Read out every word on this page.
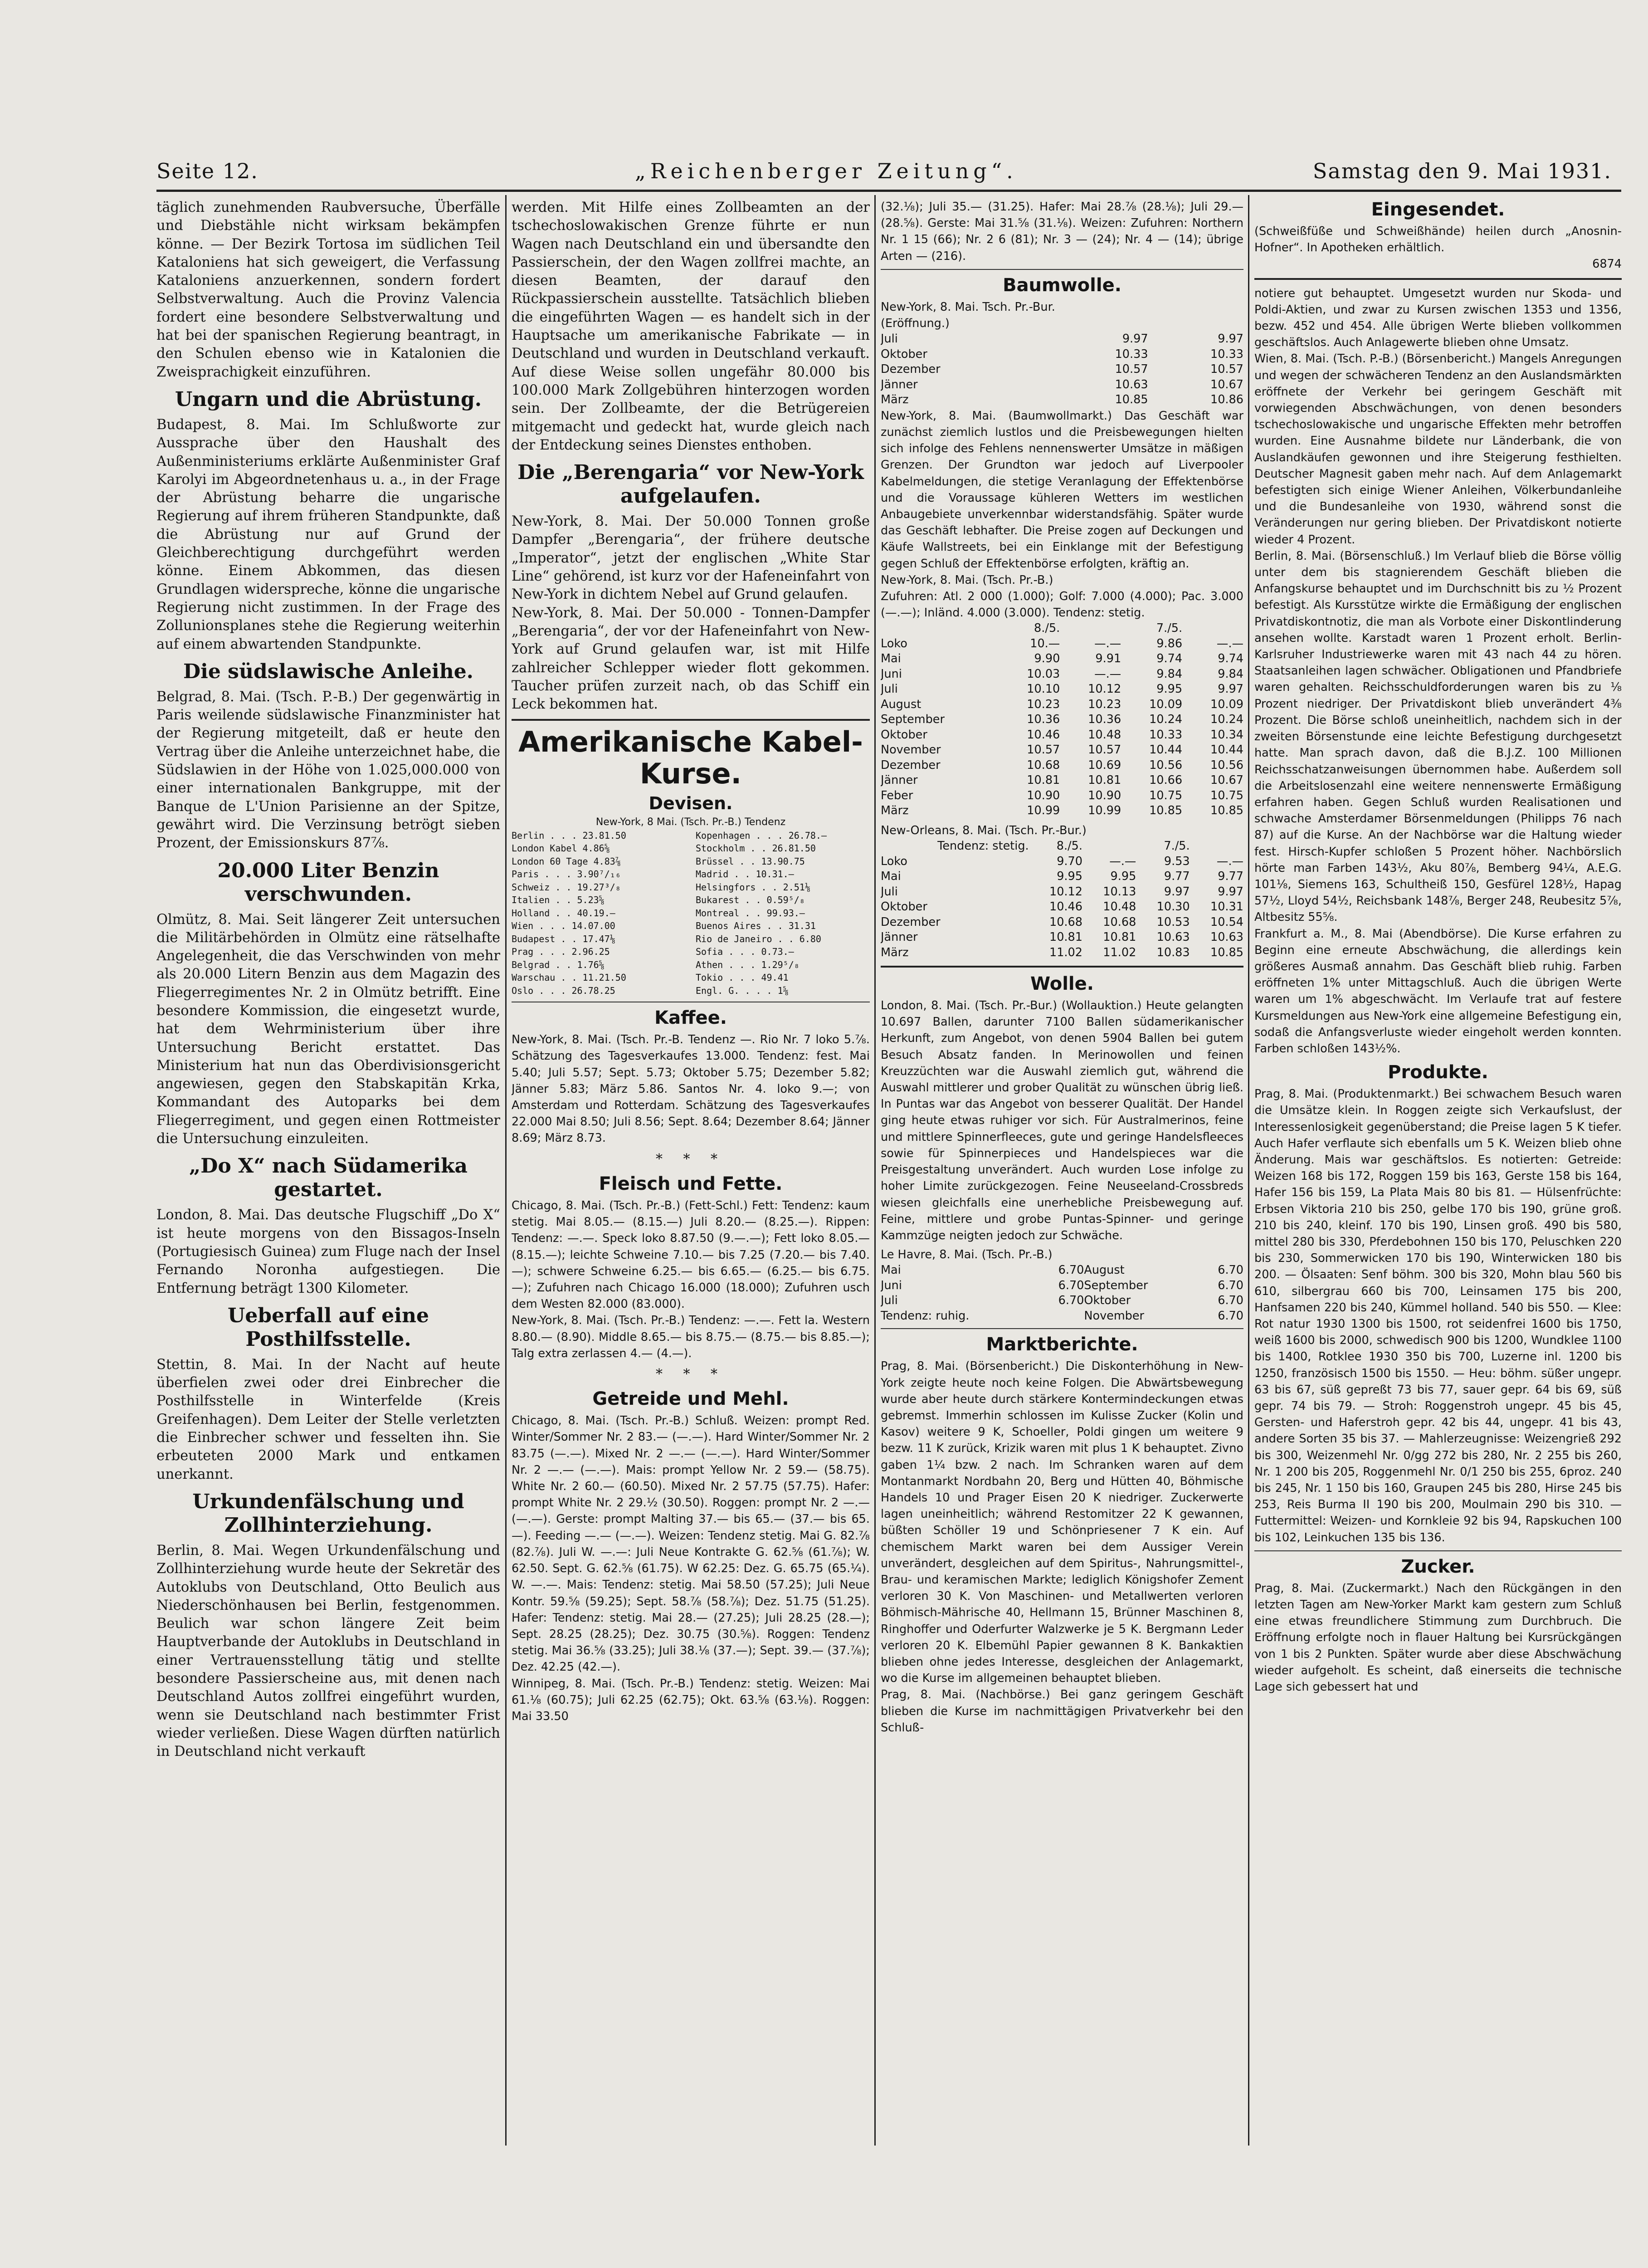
Seite 12.	„Reichenberger Zeitung“.	Samstag den 9. Mai 1931.

täglich zunehmenden Raubversuche, Überfälle und Diebstähle nicht wirksam bekämpfen könne. — Der Bezirk Tortosa im südlichen Teil Kataloniens hat sich geweigert, die Verfassung Kataloniens anzuerkennen, sondern fordert Selbstverwaltung. Auch die Provinz Valencia fordert eine besondere Selbstverwaltung und hat bei der spanischen Regierung beantragt, in den Schulen ebenso wie in Katalonien die Zweisprachigkeit einzuführen.

Ungarn und die Abrüstung.

Budapest, 8. Mai. Im Schlußworte zur Aussprache über den Haushalt des Außenministeriums erklärte Außenminister Graf Karolyi im Abgeordnetenhaus u. a., in der Frage der Abrüstung beharre die ungarische Regierung auf ihrem früheren Standpunkte, daß die Abrüstung nur auf Grund der Gleichberechtigung durchgeführt werden könne. Einem Abkommen, das diesen Grundlagen widerspreche, könne die ungarische Regierung nicht zustimmen. In der Frage des Zollunionsplanes stehe die Regierung weiterhin auf einem abwartenden Standpunkte.

Die südslawische Anleihe.

Belgrad, 8. Mai. (Tsch. P.-B.) Der gegenwärtig in Paris weilende südslawische Finanzminister hat der Regierung mitgeteilt, daß er heute den Vertrag über die Anleihe unterzeichnet habe, die Südslawien in der Höhe von 1.025,000.000 von einer internationalen Bankgruppe, mit der Banque de L'Union Parisienne an der Spitze, gewährt wird. Die Verzinsung betrögt sieben Prozent, der Emissionskurs 87⅞.

20.000 Liter Benzin verschwunden.

Olmütz, 8. Mai. Seit längerer Zeit untersuchen die Militärbehörden in Olmütz eine rätselhafte Angelegenheit, die das Verschwinden von mehr als 20.000 Litern Benzin aus dem Magazin des Fliegerregimentes Nr. 2 in Olmütz betrifft. Eine besondere Kommission, die eingesetzt wurde, hat dem Wehrministerium über ihre Untersuchung Bericht erstattet. Das Ministerium hat nun das Oberdivisionsgericht angewiesen, gegen den Stabskapitän Krka, Kommandant des Autoparks bei dem Fliegerregiment, und gegen einen Rottmeister die Untersuchung einzuleiten.

„Do X“ nach Südamerika gestartet.

London, 8. Mai. Das deutsche Flugschiff „Do X“ ist heute morgens von den Bissagos-Inseln (Portugiesisch Guinea) zum Fluge nach der Insel Fernando Noronha aufgestiegen. Die Entfernung beträgt 1300 Kilometer.

Ueberfall auf eine Posthilfsstelle.

Stettin, 8. Mai. In der Nacht auf heute überfielen zwei oder drei Einbrecher die Posthilfsstelle in Winterfelde (Kreis Greifenhagen). Dem Leiter der Stelle verletzten die Einbrecher schwer und fesselten ihn. Sie erbeuteten 2000 Mark und entkamen unerkannt.

Urkundenfälschung und Zollhinterziehung.

Berlin, 8. Mai. Wegen Urkundenfälschung und Zollhinterziehung wurde heute der Sekretär des Autoklubs von Deutschland, Otto Beulich aus Niederschönhausen bei Berlin, festgenommen. Beulich war schon längere Zeit beim Hauptverbande der Autoklubs in Deutschland in einer Vertrauensstellung tätig und stellte besondere Passierscheine aus, mit denen nach Deutschland Autos zollfrei eingeführt wurden, wenn sie Deutschland nach bestimmter Frist wieder verließen. Diese Wagen dürften natürlich in Deutschland nicht verkauft

werden. Mit Hilfe eines Zollbeamten an der tschechoslowakischen Grenze führte er nun Wagen nach Deutschland ein und übersandte den Passierschein, der den Wagen zollfrei machte, an diesen Beamten, der darauf den Rückpassierschein ausstellte. Tatsächlich blieben die eingeführten Wagen — es handelt sich in der Hauptsache um amerikanische Fabrikate — in Deutschland und wurden in Deutschland verkauft. Auf diese Weise sollen ungefähr 80.000 bis 100.000 Mark Zollgebühren hinterzogen worden sein. Der Zollbeamte, der die Betrügereien mitgemacht und gedeckt hat, wurde gleich nach der Entdeckung seines Dienstes enthoben.

Die „Berengaria“ vor New-York aufgelaufen.

New-York, 8. Mai. Der 50.000 Tonnen große Dampfer „Berengaria“, der frühere deutsche „Imperator“, jetzt der englischen „White Star Line“ gehörend, ist kurz vor der Hafeneinfahrt von New-York in dichtem Nebel auf Grund gelaufen.

New-York, 8. Mai. Der 50.000 - Tonnen-Dampfer „Berengaria“, der vor der Hafeneinfahrt von New-York auf Grund gelaufen war, ist mit Hilfe zahlreicher Schlepper wieder flott gekommen. Taucher prüfen zurzeit nach, ob das Schiff ein Leck bekommen hat.

Amerikanische Kabel-Kurse.
Devisen.
New-York, 8 Mai. (Tsch. Pr.-B.) Tendenz
Berlin . . . 23.81.50	Kopenhagen . . . 26.78.—
London Kabel 4.86⅝	Stockholm . . 26.81.50
London 60 Tage 4.83⅞	Brüssel . . 13.90.75
Paris . . . 3.90⁷/₁₆	Madrid . . 10.31.—
Schweiz . . 19.27³/₈	Helsingfors . . 2.51⅛
Italien . . 5.23⅝	Bukarest . . 0.59⁵/₈
Holland . . 40.19.—	Montreal . . 99.93.—
Wien . . . 14.07.00	Buenos Aires . . 31.31
Budapest . . 17.47⅛	Rio de Janeiro . . 6.80
Prag . . . 2.96.25	Sofia . . . 0.73.—
Belgrad . . 1.76⅝	Athen . . . 1.29⁵/₈
Warschau . . 11.21.50	Tokio . . . 49.41
Oslo . . . 26.78.25	Engl. G. . . . 1⅝
Kaffee.

New-York, 8. Mai. (Tsch. Pr.-B. Tendenz —. Rio Nr. 7 loko 5.⅞. Schätzung des Tagesverkaufes 13.000. Tendenz: fest. Mai 5.40; Juli 5.57; Sept. 5.73; Oktober 5.75; Dezember 5.82; Jänner 5.83; März 5.86. Santos Nr. 4. loko 9.—; von Amsterdam und Rotterdam. Schätzung des Tagesverkaufes 22.000 Mai 8.50; Juli 8.56; Sept. 8.64; Dezember 8.64; Jänner 8.69; März 8.73.

* * *
Fleisch und Fette.

Chicago, 8. Mai. (Tsch. Pr.-B.) (Fett-Schl.) Fett: Tendenz: kaum stetig. Mai 8.05.— (8.15.—) Juli 8.20.— (8.25.—). Rippen: Tendenz: —.—. Speck loko 8.87.50 (9.—.—); Fett loko 8.05.— (8.15.—); leichte Schweine 7.10.— bis 7.25 (7.20.— bis 7.40.—); schwere Schweine 6.25.— bis 6.65.— (6.25.— bis 6.75.—); Zufuhren nach Chicago 16.000 (18.000); Zufuhren usch dem Westen 82.000 (83.000).

New-York, 8. Mai. (Tsch. Pr.-B.) Tendenz: —.—. Fett la. Western 8.80.— (8.90). Middle 8.65.— bis 8.75.— (8.75.— bis 8.85.—); Talg extra zerlassen 4.— (4.—).

* * *
Getreide und Mehl.

Chicago, 8. Mai. (Tsch. Pr.-B.) Schluß. Weizen: prompt Red. Winter/Sommer Nr. 2 83.— (—.—). Hard Winter/Sommer Nr. 2 83.75 (—.—). Mixed Nr. 2 —.— (—.—). Hard Winter/Sommer Nr. 2 —.— (—.—). Mais: prompt Yellow Nr. 2 59.— (58.75). White Nr. 2 60.— (60.50). Mixed Nr. 2 57.75 (57.75). Hafer: prompt White Nr. 2 29.½ (30.50). Roggen: prompt Nr. 2 —.— (—.—). Gerste: prompt Malting 37.— bis 65.— (37.— bis 65.—). Feeding —.— (—.—). Weizen: Tendenz stetig. Mai G. 82.⅞ (82.⅞). Juli W. —.—: Juli Neue Kontrakte G. 62.⅝ (61.⅞); W. 62.50. Sept. G. 62.⅝ (61.75). W 62.25: Dez. G. 65.75 (65.¼). W. —.—. Mais: Tendenz: stetig. Mai 58.50 (57.25); Juli Neue Kontr. 59.⅝ (59.25); Sept. 58.⅞ (58.⅞); Dez. 51.75 (51.25). Hafer: Tendenz: stetig. Mai 28.— (27.25); Juli 28.25 (28.—); Sept. 28.25 (28.25); Dez. 30.75 (30.⅝). Roggen: Tendenz stetig. Mai 36.⅝ (33.25); Juli 38.⅛ (37.—); Sept. 39.— (37.⅞); Dez. 42.25 (42.—).

Winnipeg, 8. Mai. (Tsch. Pr.-B.) Tendenz: stetig. Weizen: Mai 61.⅛ (60.75); Juli 62.25 (62.75); Okt. 63.⅝ (63.⅛). Roggen: Mai 33.50

(32.⅛); Juli 35.— (31.25). Hafer: Mai 28.⅞ (28.⅛); Juli 29.— (28.⅝). Gerste: Mai 31.⅝ (31.⅛). Weizen: Zufuhren: Northern Nr. 1 15 (66); Nr. 2 6 (81); Nr. 3 — (24); Nr. 4 — (14); übrige Arten — (216).

Baumwolle.

New-York, 8. Mai. Tsch. Pr.-Bur.

(Eröffnung.)

Juli	9.97	9.97
Oktober	10.33	10.33
Dezember	10.57	10.57
Jänner	10.63	10.67
März	10.85	10.86

New-York, 8. Mai. (Baumwollmarkt.) Das Geschäft war zunächst ziemlich lustlos und die Preisbewegungen hielten sich infolge des Fehlens nennenswerter Umsätze in mäßigen Grenzen. Der Grundton war jedoch auf Liverpooler Kabelmeldungen, die stetige Veranlagung der Effektenbörse und die Voraussage kühleren Wetters im westlichen Anbaugebiete unverkennbar widerstandsfähig. Später wurde das Geschäft lebhafter. Die Preise zogen auf Deckungen und Käufe Wallstreets, bei ein Einklange mit der Befestigung gegen Schluß der Effektenbörse erfolgten, kräftig an.

New-York, 8. Mai. (Tsch. Pr.-B.)

Zufuhren: Atl. 2 000 (1.000); Golf: 7.000 (4.000); Pac. 3.000 (—.—); Inländ. 4.000 (3.000). Tendenz: stetig.

	8./5.		7./5.	
Loko	10.—	—.—	9.86	—.—
Mai	9.90	9.91	9.74	9.74
Juni	10.03	—.—	9.84	9.84
Juli	10.10	10.12	9.95	9.97
August	10.23	10.23	10.09	10.09
September	10.36	10.36	10.24	10.24
Oktober	10.46	10.48	10.33	10.34
November	10.57	10.57	10.44	10.44
Dezember	10.68	10.69	10.56	10.56
Jänner	10.81	10.81	10.66	10.67
Feber	10.90	10.90	10.75	10.75
März	10.99	10.99	10.85	10.85

New-Orleans, 8. Mai. (Tsch. Pr.-Bur.)

Tendenz: stetig.	8./5.		7./5.	
Loko	9.70	—.—	9.53	—.—
Mai	9.95	9.95	9.77	9.77
Juli	10.12	10.13	9.97	9.97
Oktober	10.46	10.48	10.30	10.31
Dezember	10.68	10.68	10.53	10.54
Jänner	10.81	10.81	10.63	10.63
März	11.02	11.02	10.83	10.85
Wolle.

London, 8. Mai. (Tsch. Pr.-Bur.) (Wollauktion.) Heute gelangten 10.697 Ballen, darunter 7100 Ballen südamerikanischer Herkunft, zum Angebot, von denen 5904 Ballen bei gutem Besuch Absatz fanden. In Merinowollen und feinen Kreuzzüchten war die Auswahl ziemlich gut, während die Auswahl mittlerer und grober Qualität zu wünschen übrig ließ. In Puntas war das Angebot von besserer Qualität. Der Handel ging heute etwas ruhiger vor sich. Für Australmerinos, feine und mittlere Spinnerfleeces, gute und geringe Handelsfleeces sowie für Spinnerpieces und Handelspieces war die Preisgestaltung unverändert. Auch wurden Lose infolge zu hoher Limite zurückgezogen. Feine Neuseeland-Crossbreds wiesen gleichfalls eine unerhebliche Preisbewegung auf. Feine, mittlere und grobe Puntas-Spinner- und geringe Kammzüge neigten jedoch zur Schwäche.

Le Havre, 8. Mai. (Tsch. Pr.-B.)

Mai	6.70	August	6.70
Juni	6.70	September	6.70
Juli	6.70	Oktober	6.70
Tendenz: ruhig.		November	6.70
Marktberichte.

Prag, 8. Mai. (Börsenbericht.) Die Diskonterhöhung in New-York zeigte heute noch keine Folgen. Die Abwärtsbewegung wurde aber heute durch stärkere Kontermindeckungen etwas gebremst. Immerhin schlossen im Kulisse Zucker (Kolin und Kasov) weitere 9 K, Schoeller, Poldi gingen um weitere 9 bezw. 11 K zurück, Krizik waren mit plus 1 K behauptet. Zivno gaben 1¼ bzw. 2 nach. Im Schranken waren auf dem Montanmarkt Nordbahn 20, Berg und Hütten 40, Böhmische Handels 10 und Prager Eisen 20 K niedriger. Zuckerwerte lagen uneinheitlich; während Restomitzer 22 K gewannen, büßten Schöller 19 und Schönpriesener 7 K ein. Auf chemischem Markt waren bei dem Aussiger Verein unverändert, desgleichen auf dem Spiritus-, Nahrungsmittel-, Brau- und keramischen Markte; lediglich Königshofer Zement verloren 30 K. Von Maschinen- und Metallwerten verloren Böhmisch-Mährische 40, Hellmann 15, Brünner Maschinen 8, Ringhoffer und Oderfurter Walzwerke je 5 K. Bergmann Leder verloren 20 K. Elbemühl Papier gewannen 8 K. Bankaktien blieben ohne jedes Interesse, desgleichen der Anlagemarkt, wo die Kurse im allgemeinen behauptet blieben.

Prag, 8. Mai. (Nachbörse.) Bei ganz geringem Geschäft blieben die Kurse im nachmittägigen Privatverkehr bei den Schluß-

Eingesendet.

(Schweißfüße und Schweißhände) heilen durch „Anosnin-Hofner“. In Apotheken erhältlich.

6874

notiere gut behauptet. Umgesetzt wurden nur Skoda- und Poldi-Aktien, und zwar zu Kursen zwischen 1353 und 1356, bezw. 452 und 454. Alle übrigen Werte blieben vollkommen geschäftslos. Auch Anlagewerte blieben ohne Umsatz.

Wien, 8. Mai. (Tsch. P.-B.) (Börsenbericht.) Mangels Anregungen und wegen der schwächeren Tendenz an den Auslandsmärkten eröffnete der Verkehr bei geringem Geschäft mit vorwiegenden Abschwächungen, von denen besonders tschechoslowakische und ungarische Effekten mehr betroffen wurden. Eine Ausnahme bildete nur Länderbank, die von Auslandkäufen gewonnen und ihre Steigerung festhielten. Deutscher Magnesit gaben mehr nach. Auf dem Anlagemarkt befestigten sich einige Wiener Anleihen, Völkerbundanleihe und die Bundesanleihe von 1930, während sonst die Veränderungen nur gering blieben. Der Privatdiskont notierte wieder 4 Prozent.

Berlin, 8. Mai. (Börsenschluß.) Im Verlauf blieb die Börse völlig unter dem bis stagnierendem Geschäft blieben die Anfangskurse behauptet und im Durchschnitt bis zu ½ Prozent befestigt. Als Kursstütze wirkte die Ermäßigung der englischen Privatdiskontnotiz, die man als Vorbote einer Diskontlinderung ansehen wollte. Karstadt waren 1 Prozent erholt. Berlin-Karlsruher Industriewerke waren mit 43 nach 44 zu hören. Staatsanleihen lagen schwächer. Obligationen und Pfandbriefe waren gehalten. Reichsschuldforderungen waren bis zu ⅛ Prozent niedriger. Der Privatdiskont blieb unverändert 4⅜ Prozent. Die Börse schloß uneinheitlich, nachdem sich in der zweiten Börsenstunde eine leichte Befestigung durchgesetzt hatte. Man sprach davon, daß die B.J.Z. 100 Millionen Reichsschatzanweisungen übernommen habe. Außerdem soll die Arbeitslosenzahl eine weitere nennenswerte Ermäßigung erfahren haben. Gegen Schluß wurden Realisationen und schwache Amsterdamer Börsenmeldungen (Philipps 76 nach 87) auf die Kurse. An der Nachbörse war die Haltung wieder fest. Hirsch-Kupfer schloßen 5 Prozent höher. Nachbörslich hörte man Farben 143½, Aku 80⅞, Bemberg 94¼, A.E.G. 101⅛, Siemens 163, Schultheiß 150, Gesfürel 128½, Hapag 57½, Lloyd 54½, Reichsbank 148⅞, Berger 248, Reubesitz 5⅞, Altbesitz 55⅝.

Frankfurt a. M., 8. Mai (Abendbörse). Die Kurse erfahren zu Beginn eine erneute Abschwächung, die allerdings kein größeres Ausmaß annahm. Das Geschäft blieb ruhig. Farben eröffneten 1% unter Mittagschluß. Auch die übrigen Werte waren um 1% abgeschwächt. Im Verlaufe trat auf festere Kursmeldungen aus New-York eine allgemeine Befestigung ein, sodaß die Anfangsverluste wieder eingeholt werden konnten. Farben schloßen 143½%.

Produkte.

Prag, 8. Mai. (Produktenmarkt.) Bei schwachem Besuch waren die Umsätze klein. In Roggen zeigte sich Verkaufslust, der Interessenlosigkeit gegenüberstand; die Preise lagen 5 K tiefer. Auch Hafer verflaute sich ebenfalls um 5 K. Weizen blieb ohne Änderung. Mais war geschäftslos. Es notierten: Getreide: Weizen 168 bis 172, Roggen 159 bis 163, Gerste 158 bis 164, Hafer 156 bis 159, La Plata Mais 80 bis 81. — Hülsenfrüchte: Erbsen Viktoria 210 bis 250, gelbe 170 bis 190, grüne groß. 210 bis 240, kleinf. 170 bis 190, Linsen groß. 490 bis 580, mittel 280 bis 330, Pferdebohnen 150 bis 170, Peluschken 220 bis 230, Sommerwicken 170 bis 190, Winterwicken 180 bis 200. — Ölsaaten: Senf böhm. 300 bis 320, Mohn blau 560 bis 610, silbergrau 660 bis 700, Leinsamen 175 bis 200, Hanfsamen 220 bis 240, Kümmel holland. 540 bis 550. — Klee: Rot natur 1930 1300 bis 1500, rot seidenfrei 1600 bis 1750, weiß 1600 bis 2000, schwedisch 900 bis 1200, Wundklee 1100 bis 1400, Rotklee 1930 350 bis 700, Luzerne inl. 1200 bis 1250, französisch 1500 bis 1550. — Heu: böhm. süßer ungepr. 63 bis 67, süß gepreßt 73 bis 77, sauer gepr. 64 bis 69, süß gepr. 74 bis 79. — Stroh: Roggenstroh ungepr. 45 bis 45, Gersten- und Haferstroh gepr. 42 bis 44, ungepr. 41 bis 43, andere Sorten 35 bis 37. — Mahlerzeugnisse: Weizengrieß 292 bis 300, Weizenmehl Nr. 0/gg 272 bis 280, Nr. 2 255 bis 260, Nr. 1 200 bis 205, Roggenmehl Nr. 0/1 250 bis 255, 6proz. 240 bis 245, Nr. 1 150 bis 160, Graupen 245 bis 280, Hirse 245 bis 253, Reis Burma II 190 bis 200, Moulmain 290 bis 310. — Futtermittel: Weizen- und Kornkleie 92 bis 94, Rapskuchen 100 bis 102, Leinkuchen 135 bis 136.

Zucker.

Prag, 8. Mai. (Zuckermarkt.) Nach den Rückgängen in den letzten Tagen am New-Yorker Markt kam gestern zum Schluß eine etwas freundlichere Stimmung zum Durchbruch. Die Eröffnung erfolgte noch in flauer Haltung bei Kursrückgängen von 1 bis 2 Punkten. Später wurde aber diese Abschwächung wieder aufgeholt. Es scheint, daß einerseits die technische Lage sich gebessert hat und
